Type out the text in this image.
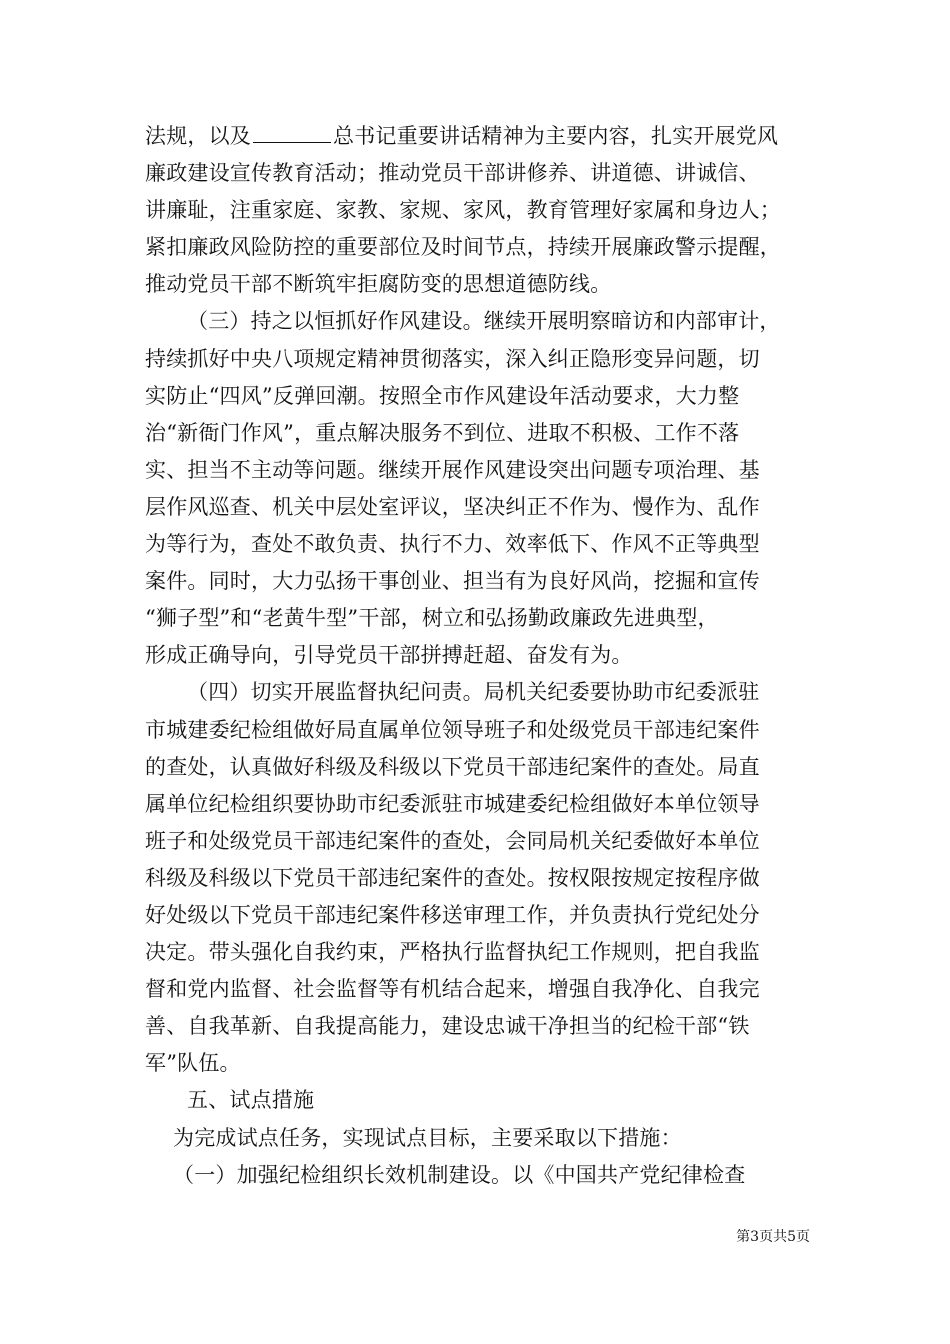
法规，以及	总书记重要讲话精神为主要内容，扎实开展党风
廉政建设宣传教育活动；推动党员干部讲修养、讲道德、讲诚信、
讲廉耻，注重家庭、家教、家规、家风，教育管理好家属和身边人；
紧扣廉政风险防控的重要部位及时间节点，持续开展廉政警示提醒，
推动党员干部不断筑牢拒腐防变的思想道德防线。
（三）持之以恒抓好作风建设。继续开展明察暗访和内部审计，
持续抓好中央八项规定精神贯彻落实，深入纠正隐形变异问题，切
实防止“四风”反弹回潮。按照全市作风建设年活动要求，大力整
治“新衙门作风”，重点解决服务不到位、进取不积极、工作不落
实、担当不主动等问题。继续开展作风建设突出问题专项治理、基
层作风巡查、机关中层处室评议，坚决纠正不作为、慢作为、乱作
为等行为，查处不敢负责、执行不力、效率低下、作风不正等典型
案件。同时，大力弘扬干事创业、担当有为良好风尚，挖掘和宣传
“狮子型”和“老黄牛型”干部，树立和弘扬勤政廉政先进典型，
形成正确导向，引导党员干部拼搏赶超、奋发有为。
（四）切实开展监督执纪问责。局机关纪委要协助市纪委派驻
市城建委纪检组做好局直属单位领导班子和处级党员干部违纪案件
的查处，认真做好科级及科级以下党员干部违纪案件的查处。局直
属单位纪检组织要协助市纪委派驻市城建委纪检组做好本单位领导
班子和处级党员干部违纪案件的查处，会同局机关纪委做好本单位
科级及科级以下党员干部违纪案件的查处。按权限按规定按程序做
好处级以下党员干部违纪案件移送审理工作，并负责执行党纪处分
决定。带头强化自我约束，严格执行监督执纪工作规则，把自我监
督和党内监督、社会监督等有机结合起来，增强自我净化、自我完
善、自我革新、自我提高能力，建设忠诚干净担当的纪检干部“铁
军”队伍。
五、试点措施
为完成试点任务，实现试点目标，主要采取以下措施：
（一）加强纪检组织长效机制建设。以《中国共产党纪律检查
第3页共5页
